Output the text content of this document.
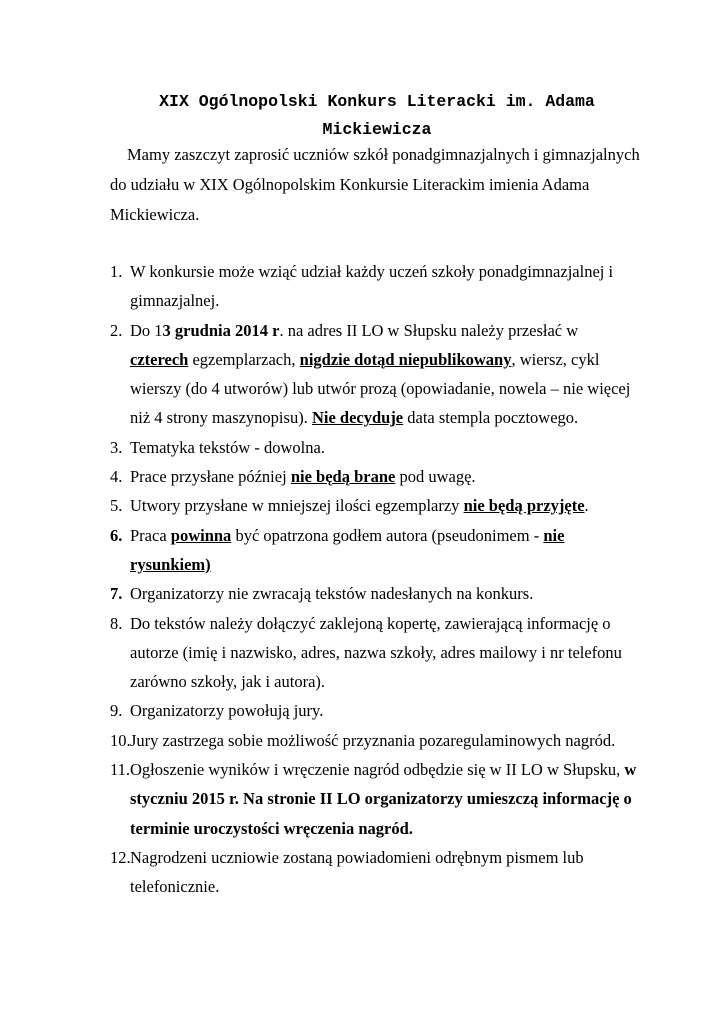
XIX Ogólnopolski Konkurs Literacki im. Adama Mickiewicza
Mamy zaszczyt zaprosić uczniów szkół ponadgimnazjalnych i gimnazjalnych do udziału w XIX Ogólnopolskim Konkursie Literackim imienia Adama Mickiewicza.
1. W konkursie może wziąć udział każdy uczeń szkoły ponadgimnazjalnej i gimnazjalnej.
2. Do 13 grudnia 2014 r. na adres II LO w Słupsku należy przesłać w czterech egzemplarzach, nigdzie dotąd niepublikowany, wiersz, cykl wierszy (do 4 utworów) lub utwór prozą (opowiadanie, nowela – nie więcej niż 4 strony maszynopisu). Nie decyduje data stempla pocztowego.
3. Tematyka tekstów - dowolna.
4. Prace przysłane później nie będą brane pod uwagę.
5. Utwory przysłane w mniejszej ilości egzemplarzy nie będą przyjęte.
6. Praca powinna być opatrzona godłem autora (pseudonimem - nie rysunkiem)
7. Organizatorzy nie zwracają tekstów nadesłanych na konkurs.
8. Do tekstów należy dołączyć zaklejoną kopertę, zawierającą informację o autorze (imię i nazwisko, adres, nazwa szkoły, adres mailowy i nr telefonu zarówno szkoły, jak i autora).
9. Organizatorzy powołują jury.
10. Jury zastrzega sobie możliwość przyznania pozaregulaminowych nagród.
11. Ogłoszenie wyników i wręczenie nagród odbędzie się w II LO w Słupsku, w styczniu 2015 r. Na stronie II LO organizatorzy umieszczą informację o terminie uroczystości wręczenia nagród.
12. Nagrodzeni uczniowie zostaną powiadomieni odrębnym pismem lub telefonicznie.
